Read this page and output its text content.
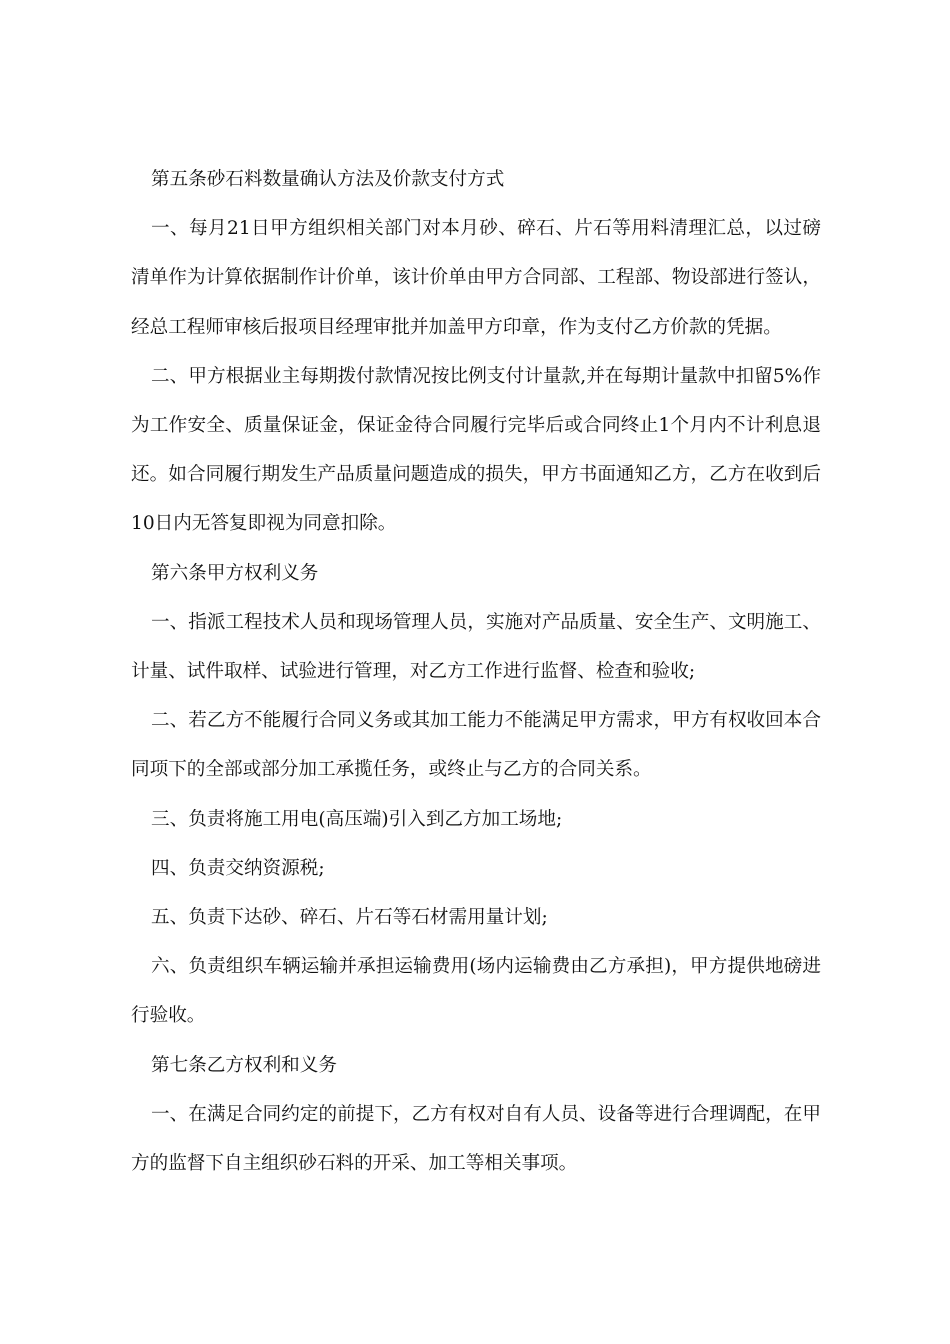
第五条砂石料数量确认方法及价款支付方式

一、每月21日甲方组织相关部门对本月砂、碎石、片石等用料清理汇总，以过磅清单作为计算依据制作计价单，该计价单由甲方合同部、工程部、物设部进行签认，经总工程师审核后报项目经理审批并加盖甲方印章，作为支付乙方价款的凭据。

二、甲方根据业主每期拨付款情况按比例支付计量款,并在每期计量款中扣留5%作为工作安全、质量保证金，保证金待合同履行完毕后或合同终止1个月内不计利息退还。如合同履行期发生产品质量问题造成的损失，甲方书面通知乙方，乙方在收到后10日内无答复即视为同意扣除。

第六条甲方权利义务

一、指派工程技术人员和现场管理人员，实施对产品质量、安全生产、文明施工、计量、试件取样、试验进行管理，对乙方工作进行监督、检查和验收;

二、若乙方不能履行合同义务或其加工能力不能满足甲方需求，甲方有权收回本合同项下的全部或部分加工承揽任务，或终止与乙方的合同关系。

三、负责将施工用电(高压端)引入到乙方加工场地;

四、负责交纳资源税;

五、负责下达砂、碎石、片石等石材需用量计划;

六、负责组织车辆运输并承担运输费用(场内运输费由乙方承担)，甲方提供地磅进行验收。

第七条乙方权利和义务

一、在满足合同约定的前提下，乙方有权对自有人员、设备等进行合理调配，在甲方的监督下自主组织砂石料的开采、加工等相关事项。
